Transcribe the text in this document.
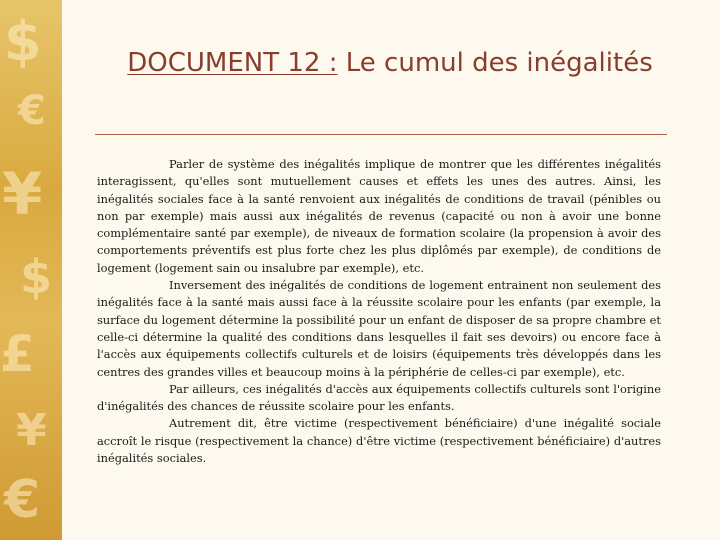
$
€
¥
$
£
¥
€
DOCUMENT 12 : Le cumul des inégalités

Parler de système des inégalités implique de montrer que les différentes inégalités interagissent, qu'elles sont mutuellement causes et effets les unes des autres. Ainsi, les inégalités sociales face à la santé renvoient aux inégalités de conditions de travail (pénibles ou non par exemple) mais aussi aux inégalités de revenus (capacité ou non à avoir une bonne complémentaire santé par exemple), de niveaux de formation scolaire (la propension à avoir des comportements préventifs est plus forte chez les plus diplômés par exemple), de conditions de logement (logement sain ou insalubre par exemple), etc.

Inversement des inégalités de conditions de logement entrainent non seulement des inégalités face à la santé mais aussi face à la réussite scolaire pour les enfants (par exemple, la surface du logement détermine la possibilité pour un enfant de disposer de sa propre chambre et celle-ci détermine la qualité des conditions dans lesquelles il fait ses devoirs) ou encore face à l'accès aux équipements collectifs culturels et de loisirs (équipements très développés dans les centres des grandes villes et beaucoup moins à la périphérie de celles-ci par exemple), etc.

Par ailleurs, ces inégalités d'accès aux équipements collectifs culturels sont l'origine d'inégalités des chances de réussite scolaire pour les enfants.

Autrement dit, être victime (respectivement bénéficiaire) d'une inégalité sociale accroît le risque (respectivement la chance) d'être victime (respectivement bénéficiaire) d'autres inégalités sociales.
